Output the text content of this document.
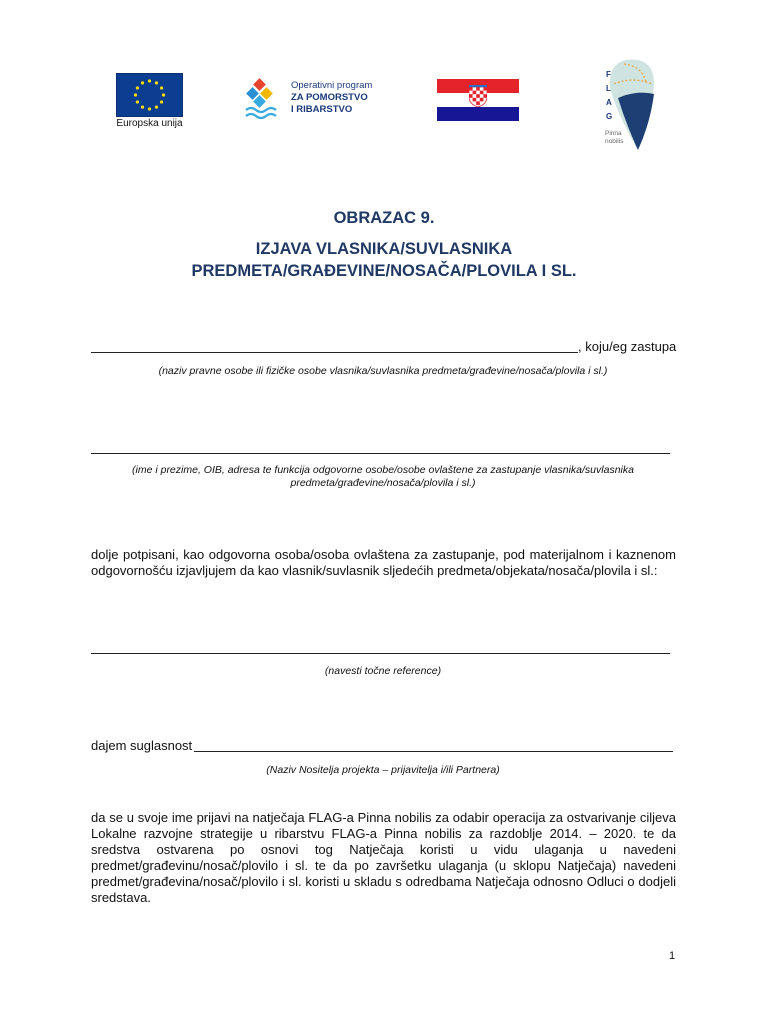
Europska unija
Operativni program
ZA POMORSTVO
I RIBARSTVO
F
L
A
G
Pinna
nobilis
OBRAZAC 9.
IZJAVA VLASNIKA/SUVLASNIKA
PREDMETA/GRAĐEVINE/NOSAČA/PLOVILA I SL.
, koju/eg zastupa
(naziv pravne osobe ili fizičke osobe vlasnika/suvlasnika predmeta/građevine/nosača/plovila i sl.)
(ime i prezime, OIB, adresa te funkcija odgovorne osobe/osobe ovlaštene za zastupanje vlasnika/suvlasnika
predmeta/građevine/nosača/plovila i sl.)
dolje potpisani, kao odgovorna osoba/osoba ovlaštena za zastupanje, pod materijalnom i kaznenom odgovornošću izjavljujem da kao vlasnik/suvlasnik sljedećih predmeta/objekata/nosača/plovila i sl.:
(navesti točne reference)
dajem suglasnost
(Naziv Nositelja projekta – prijavitelja i/ili Partnera)
da se u svoje ime prijavi na natječaja FLAG-a Pinna nobilis za odabir operacija za ostvarivanje ciljeva Lokalne razvojne strategije u ribarstvu FLAG-a Pinna nobilis za razdoblje 2014. – 2020. te da sredstva ostvarena po osnovi tog Natječaja koristi u vidu ulaganja u navedeni predmet/građevinu/nosač/plovilo i sl. te da po završetku ulaganja (u sklopu Natječaja) navedeni predmet/građevina/nosač/plovilo i sl. koristi u skladu s odredbama Natječaja odnosno Odluci o dodjeli sredstava.
1
